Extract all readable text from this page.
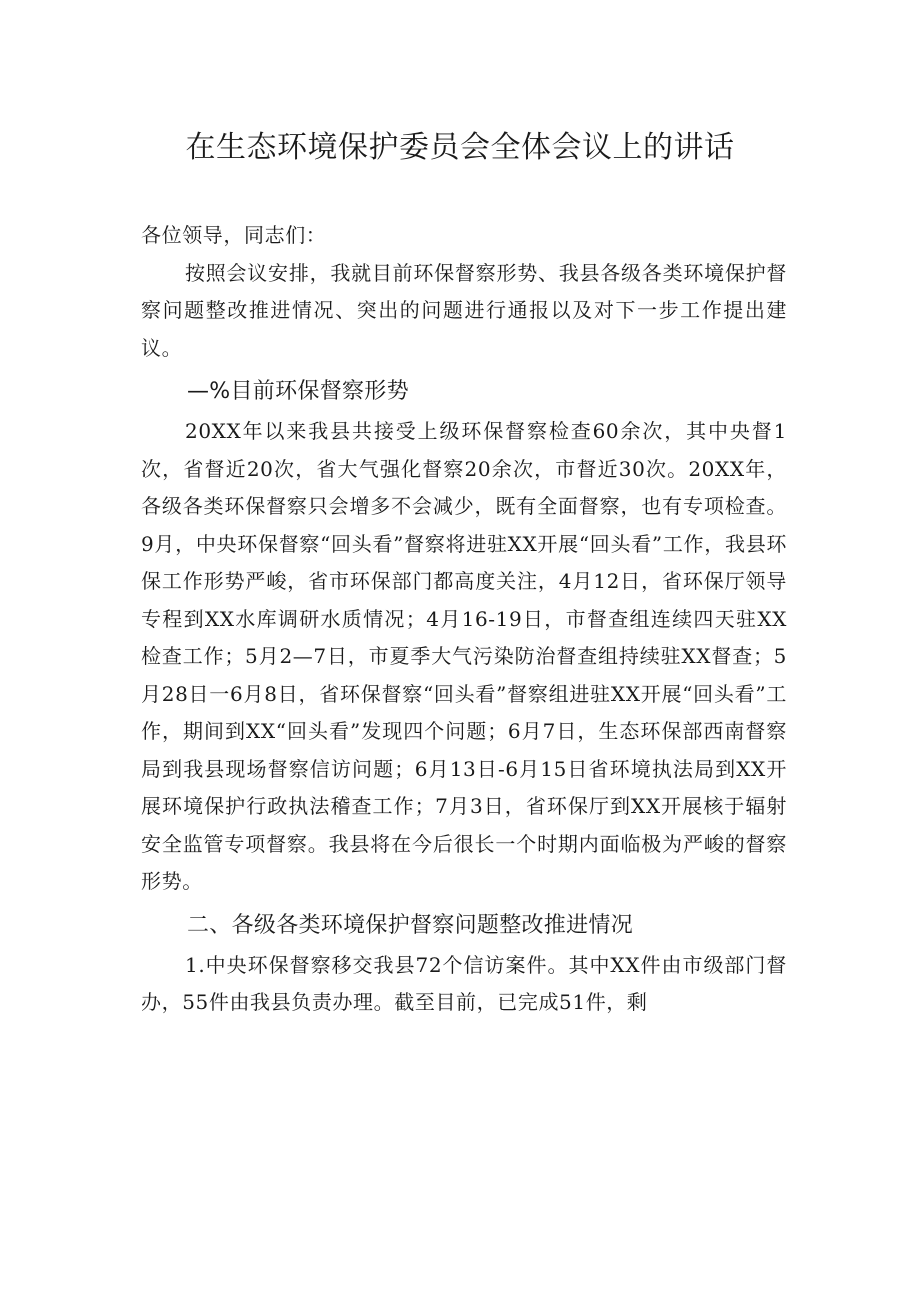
在生态环境保护委员会全体会议上的讲话

各位领导，同志们：

按照会议安排，我就目前环保督察形势、我县各级各类环境保护督察问题整改推进情况、突出的问题进行通报以及对下一步工作提出建议。

—%目前环保督察形势

20XX年以来我县共接受上级环保督察检查60余次，其中央督1次，省督近20次，省大气强化督察20余次，市督近30次。20XX年，各级各类环保督察只会增多不会减少，既有全面督察，也有专项检查。9月，中央环保督察“回头看”督察将进驻XX开展“回头看”工作，我县环保工作形势严峻，省市环保部门都高度关注，4月12日，省环保厅领导专程到XX水库调研水质情况；4月16-19日，市督查组连续四天驻XX检查工作；5月2—7日，市夏季大气污染防治督查组持续驻XX督查；5月28日一6月8日，省环保督察“回头看”督察组进驻XX开展“回头看”工作，期间到XX“回头看”发现四个问题；6月7日，生态环保部西南督察局到我县现场督察信访问题；6月13日-6月15日省环境执法局到XX开展环境保护行政执法稽查工作；7月3日，省环保厅到XX开展核于辐射安全监管专项督察。我县将在今后很长一个时期内面临极为严峻的督察形势。

二、各级各类环境保护督察问题整改推进情况

1.中央环保督察移交我县72个信访案件。其中XX件由市级部门督办，55件由我县负责办理。截至目前，已完成51件，剩
